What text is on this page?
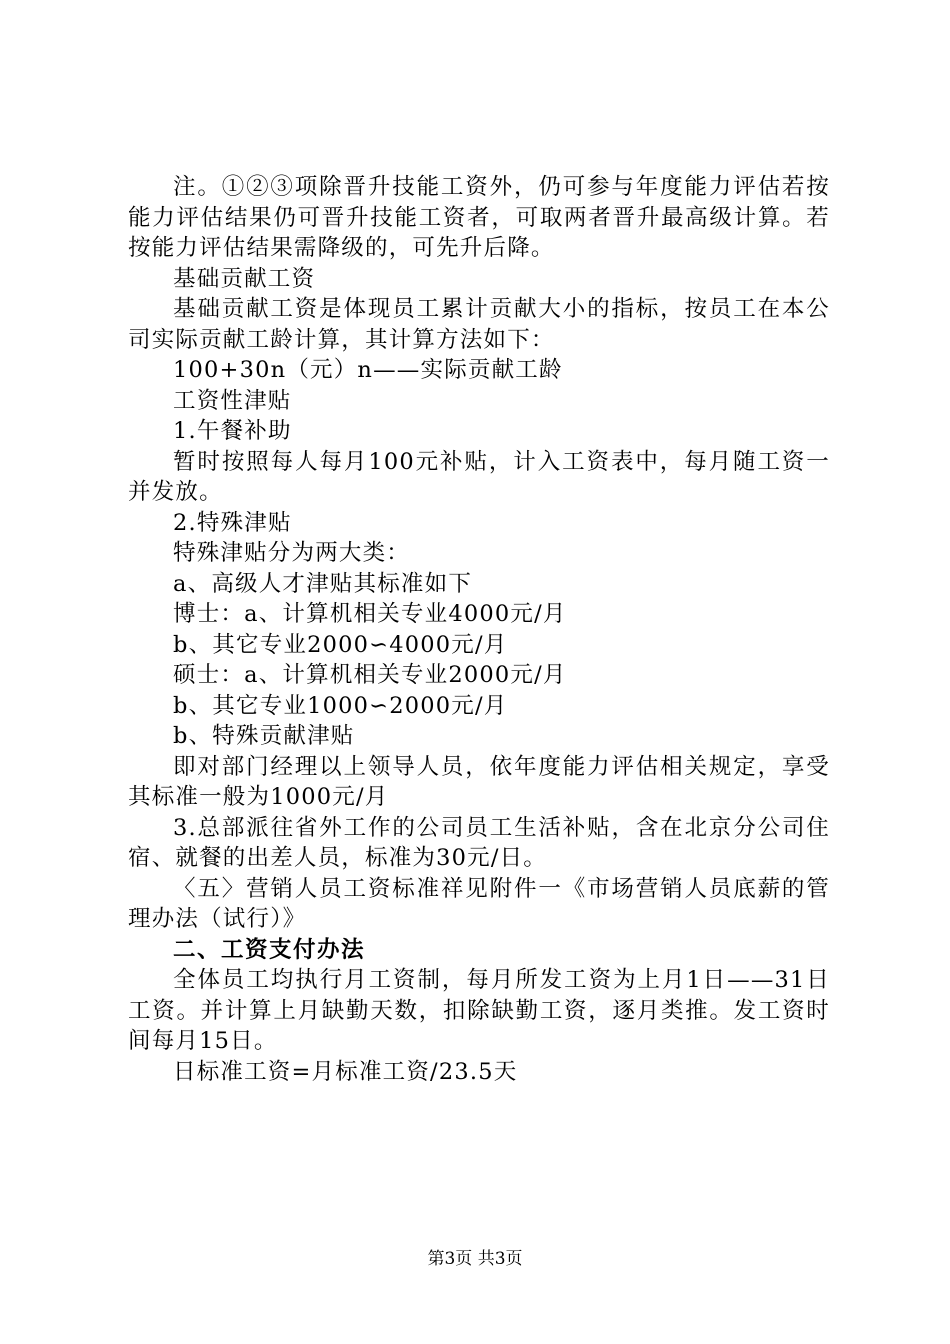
注。①②③项除晋升技能工资外，仍可参与年度能力评估若按能力评估结果仍可晋升技能工资者，可取两者晋升最高级计算。若按能力评估结果需降级的，可先升后降。

基础贡献工资

基础贡献工资是体现员工累计贡献大小的指标，按员工在本公司实际贡献工龄计算，其计算方法如下：

100+30n（元）n——实际贡献工龄

工资性津贴

1.午餐补助

暂时按照每人每月100元补贴，计入工资表中，每月随工资一并发放。

2.特殊津贴

特殊津贴分为两大类：

a、高级人才津贴其标准如下

博士：a、计算机相关专业4000元/月

b、其它专业2000∽4000元/月

硕士：a、计算机相关专业2000元/月

b、其它专业1000∽2000元/月

b、特殊贡献津贴

即对部门经理以上领导人员，依年度能力评估相关规定，享受其标准一般为1000元/月

3.总部派往省外工作的公司员工生活补贴，含在北京分公司住宿、就餐的出差人员，标准为30元/日。

〈五〉营销人员工资标准祥见附件一《市场营销人员底薪的管理办法（试行）》

二、工资支付办法

全体员工均执行月工资制，每月所发工资为上月1日——31日工资。并计算上月缺勤天数，扣除缺勤工资，逐月类推。发工资时间每月15日。

日标准工资=月标准工资/23.5天

第3页 共3页
